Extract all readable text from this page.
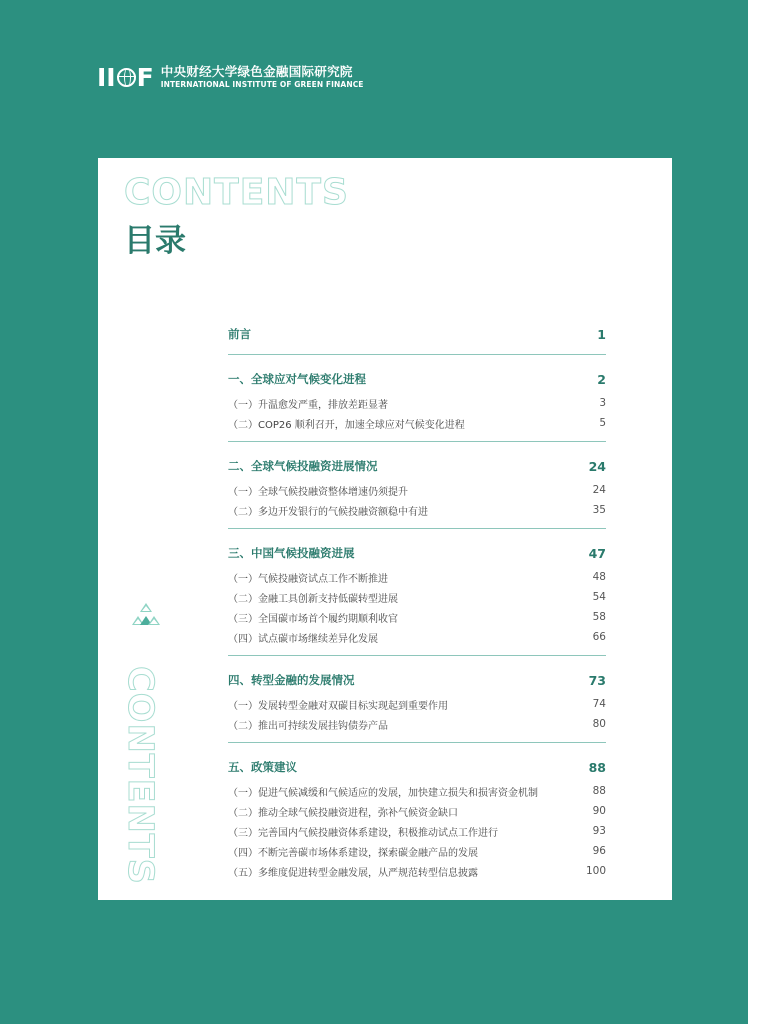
II F 中央财经大学绿色金融国际研究院
INTERNATIONAL INSTITUTE OF GREEN FINANCE
CONTENTS
目录
CONTENTS
前言	1
一、全球应对气候变化进程	2
（一）升温愈发严重，排放差距显著	3
（二）COP26 顺利召开，加速全球应对气候变化进程	5
二、全球气候投融资进展情况	24
（一）全球气候投融资整体增速仍须提升	24
（二）多边开发银行的气候投融资额稳中有进	35
三、中国气候投融资进展	47
（一）气候投融资试点工作不断推进	48
（二）金融工具创新支持低碳转型进展	54
（三）全国碳市场首个履约期顺利收官	58
（四）试点碳市场继续差异化发展	66
四、转型金融的发展情况	73
（一）发展转型金融对双碳目标实现起到重要作用	74
（二）推出可持续发展挂钩债券产品	80
五、政策建议	88
（一）促进气候减缓和气候适应的发展，加快建立损失和损害资金机制	88
（二）推动全球气候投融资进程，弥补气候资金缺口	90
（三）完善国内气候投融资体系建设，积极推动试点工作进行	93
（四）不断完善碳市场体系建设，探索碳金融产品的发展	96
（五）多维度促进转型金融发展，从严规范转型信息披露	100
